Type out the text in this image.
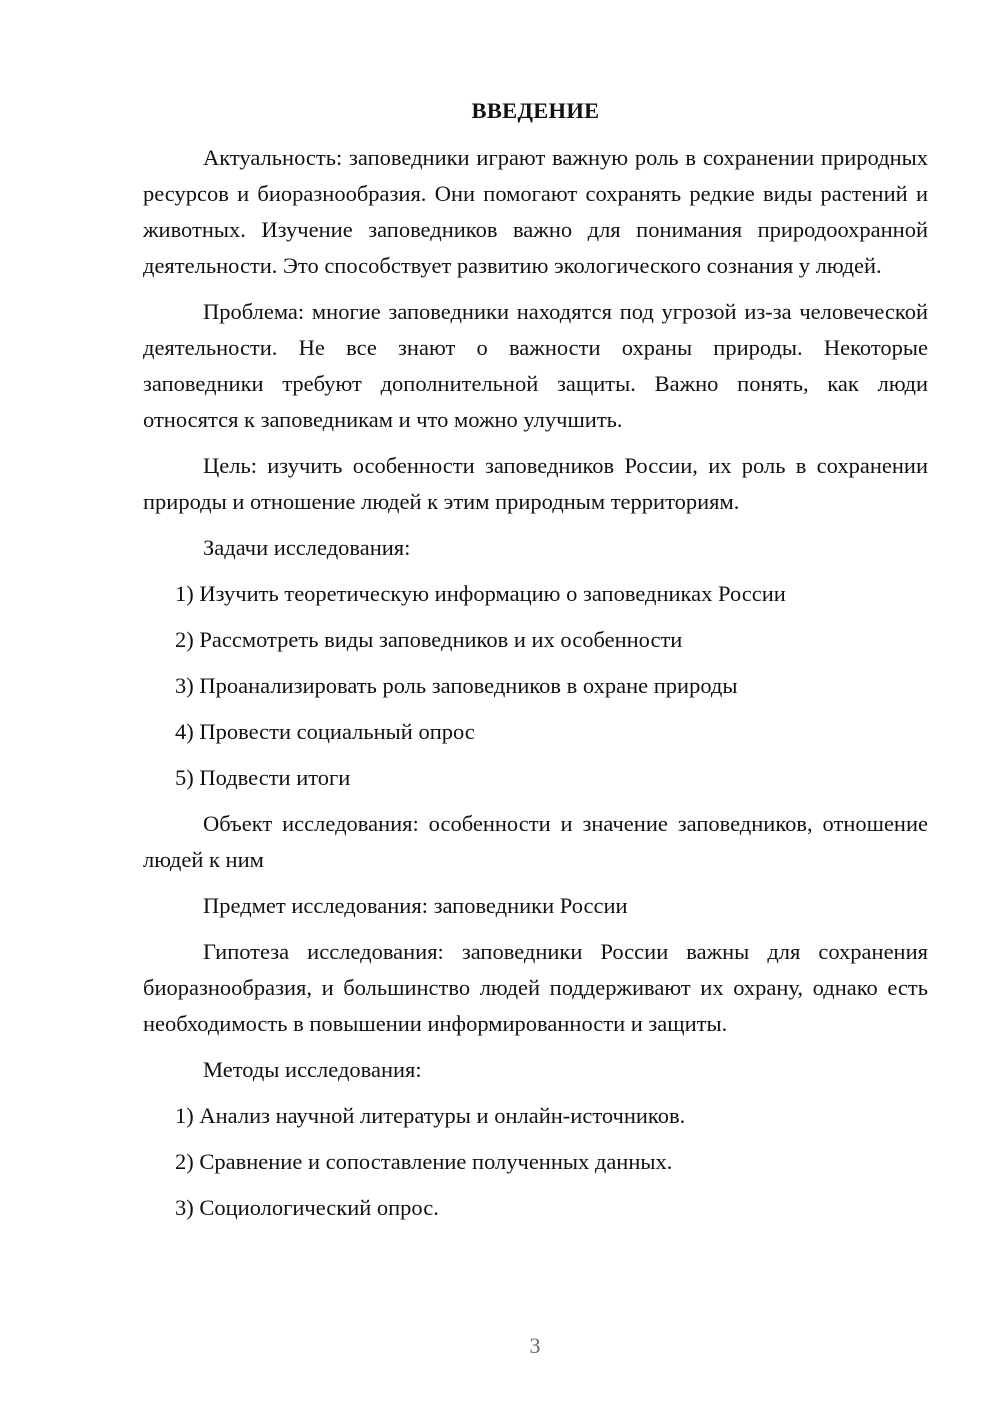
ВВЕДЕНИЕ

Актуальность: заповедники играют важную роль в сохранении природных ресурсов и биоразнообразия. Они помогают сохранять редкие виды растений и животных. Изучение заповедников важно для понимания природоохранной деятельности. Это способствует развитию экологического сознания у людей.

Проблема: многие заповедники находятся под угрозой из-за человеческой деятельности. Не все знают о важности охраны природы. Некоторые заповедники требуют дополнительной защиты. Важно понять, как люди относятся к заповедникам и что можно улучшить.

Цель: изучить особенности заповедников России, их роль в сохранении природы и отношение людей к этим природным территориям.

Задачи исследования:

1) Изучить теоретическую информацию о заповедниках России

2) Рассмотреть виды заповедников и их особенности

3) Проанализировать роль заповедников в охране природы

4) Провести социальный опрос

5) Подвести итоги

Объект исследования: особенности и значение заповедников, отношение людей к ним

Предмет исследования: заповедники России

Гипотеза исследования: заповедники России важны для сохранения биоразнообразия, и большинство людей поддерживают их охрану, однако есть необходимость в повышении информированности и защиты.

Методы исследования:

1) Анализ научной литературы и онлайн-источников.

2) Сравнение и сопоставление полученных данных.

3) Социологический опрос.

3
